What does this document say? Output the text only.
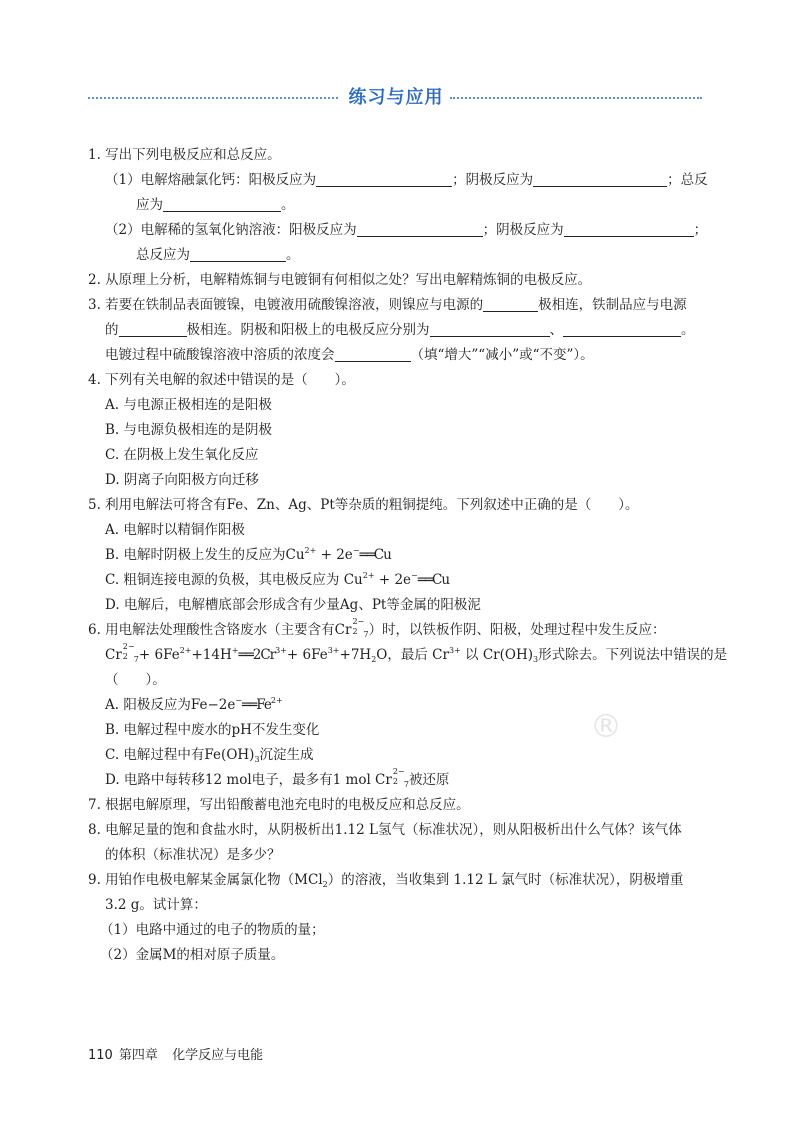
练习与应用
®
1. 写出下列电极反应和总反应。
（1）电解熔融氯化钙：阳极反应为	；阴极反应为	；总反
应为	。
（2）电解稀的氢氧化钠溶液：阳极反应为	；阴极反应为	；
总反应为	。
2. 从原理上分析，电解精炼铜与电镀铜有何相似之处？写出电解精炼铜的电极反应。
3. 若要在铁制品表面镀镍，电镀液用硫酸镍溶液，则镍应与电源的	极相连，铁制品应与电源
的	极相连。阴极和阳极上的电极反应分别为	、	。
电镀过程中硫酸镍溶液中溶质的浓度会	（填“增大”“减小”或“不变”）。
4. 下列有关电解的叙述中错误的是（　　）。
A. 与电源正极相连的是阳极
B. 与电源负极相连的是阴极
C. 在阴极上发生氧化反应
D. 阴离子向阳极方向迁移
5. 利用电解法可将含有Fe、Zn、Ag、Pt等杂质的粗铜提纯。下列叙述中正确的是（　　）。
A. 电解时以精铜作阳极
B. 电解时阴极上发生的反应为$Cu^{2+}$ + 2e−══Cu
C. 粗铜连接电源的负极，其电极反应为 $Cu^{2+}$ + 2e−══Cu
D. 电解后，电解槽底部会形成含有少量Ag、Pt等金属的阳极泥
6. 用电解法处理酸性含铬废水（主要含有Cr
2−
2 $_7$）时，以铁板作阴、阳极，处理过程中发生反应：
Cr
2−
2 $_7+ 6Fe^{2+}+14H^+══2Cr^{3+}+ 6Fe^{3+}+7H_2O$，最后 $Cr^{3+}$ 以 $Cr(OH)_3$形式除去。下列说法中错误的是
（　　）。
A. 阳极反应为$Fe-2e^-══Fe^{2+}$
B. 电解过程中废水的pH不发生变化
C. 电解过程中有$Fe(OH)_3$沉淀生成
D. 电路中每转移12 mol电子，最多有1 mol Cr
2−
2 $_7$被还原
7. 根据电解原理，写出铅酸蓄电池充电时的电极反应和总反应。
8. 电解足量的饱和食盐水时，从阴极析出1.12 L氢气（标准状况），则从阳极析出什么气体？该气体
的体积（标准状况）是多少？
9. 用铂作电极电解某金属氯化物（MCl$_2$）的溶液，当收集到 1.12 L 氯气时（标准状况），阴极增重
3.2 g。试计算：
（1）电路中通过的电子的物质的量；
（2）金属M的相对原子质量。
110 第四章 化学反应与电能
